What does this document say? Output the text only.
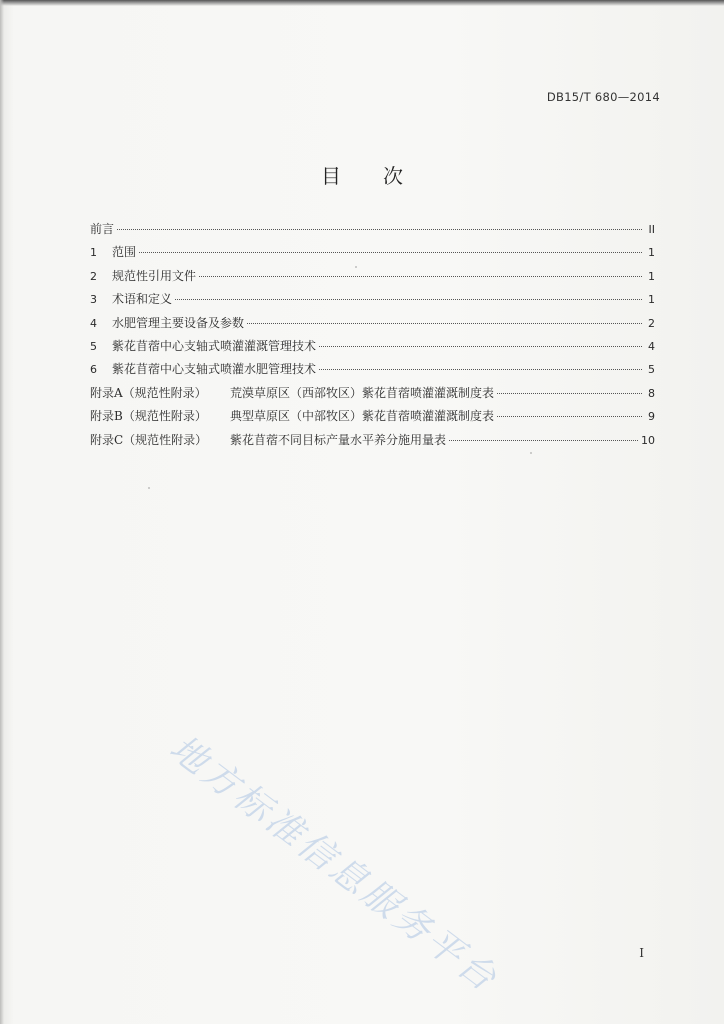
DB15/T 680—2014
目次
前言	II
1 范围	1
2 规范性引用文件	1
3 术语和定义	1
4 水肥管理主要设备及参数	2
5 紫花苜蓿中心支轴式喷灌灌溉管理技术	4
6 紫花苜蓿中心支轴式喷灌水肥管理技术	5
附录A（规范性附录） 荒漠草原区（西部牧区）紫花苜蓿喷灌灌溉制度表	8
附录B（规范性附录） 典型草原区（中部牧区）紫花苜蓿喷灌灌溉制度表	9
附录C（规范性附录） 紫花苜蓿不同目标产量水平养分施用量表	10
地方标准信息服务平台	I
